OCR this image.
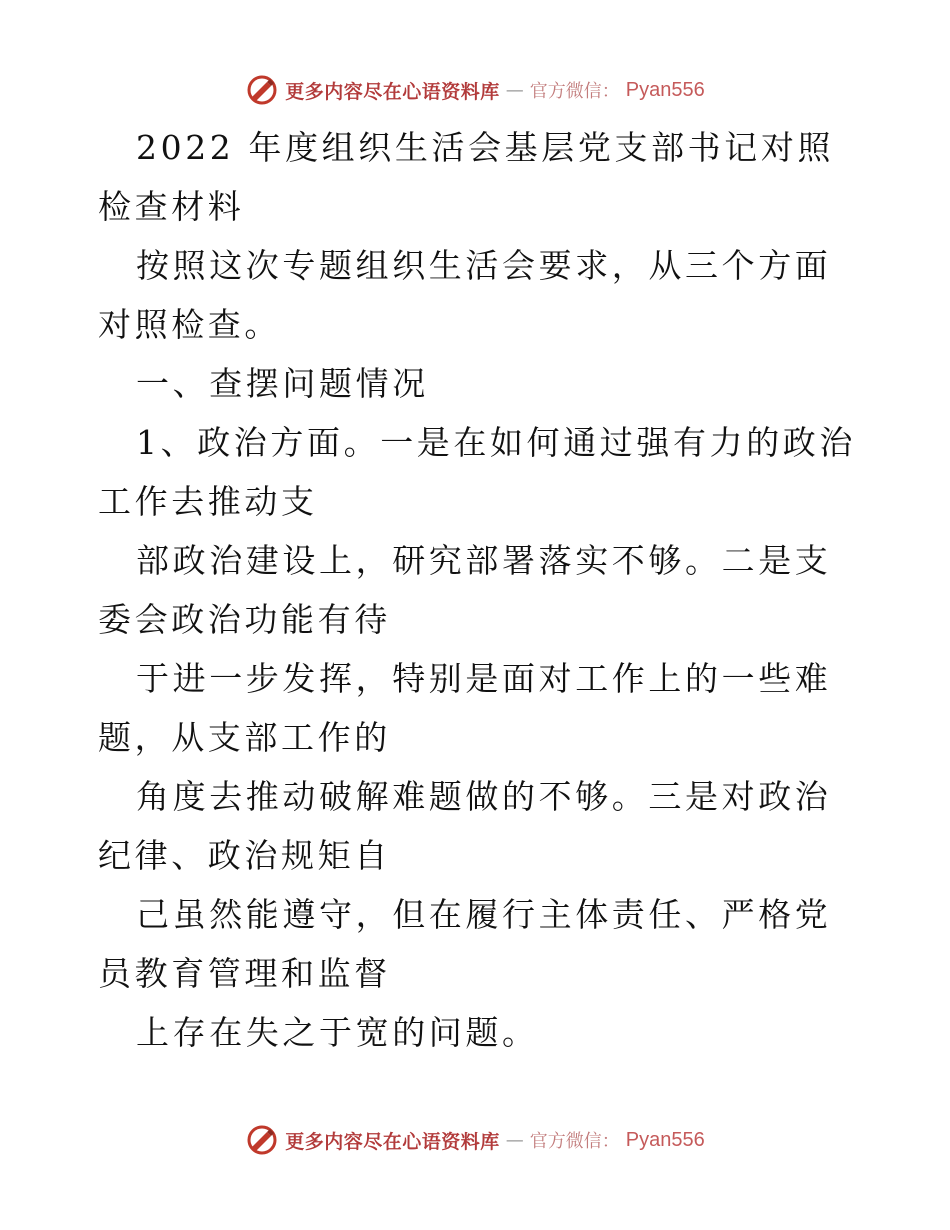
更多内容尽在心语资料库 — 官方微信： Pyan556

2022 年度组织生活会基层党支部书记对照检查材料

按照这次专题组织生活会要求，从三个方面对照检查。

一、查摆问题情况

1、政治方面。一是在如何通过强有力的政治工作去推动支

部政治建设上，研究部署落实不够。二是支委会政治功能有待

于进一步发挥，特别是面对工作上的一些难题，从支部工作的

角度去推动破解难题做的不够。三是对政治纪律、政治规矩自

己虽然能遵守，但在履行主体责任、严格党员教育管理和监督

上存在失之于宽的问题。

更多内容尽在心语资料库 — 官方微信： Pyan556
